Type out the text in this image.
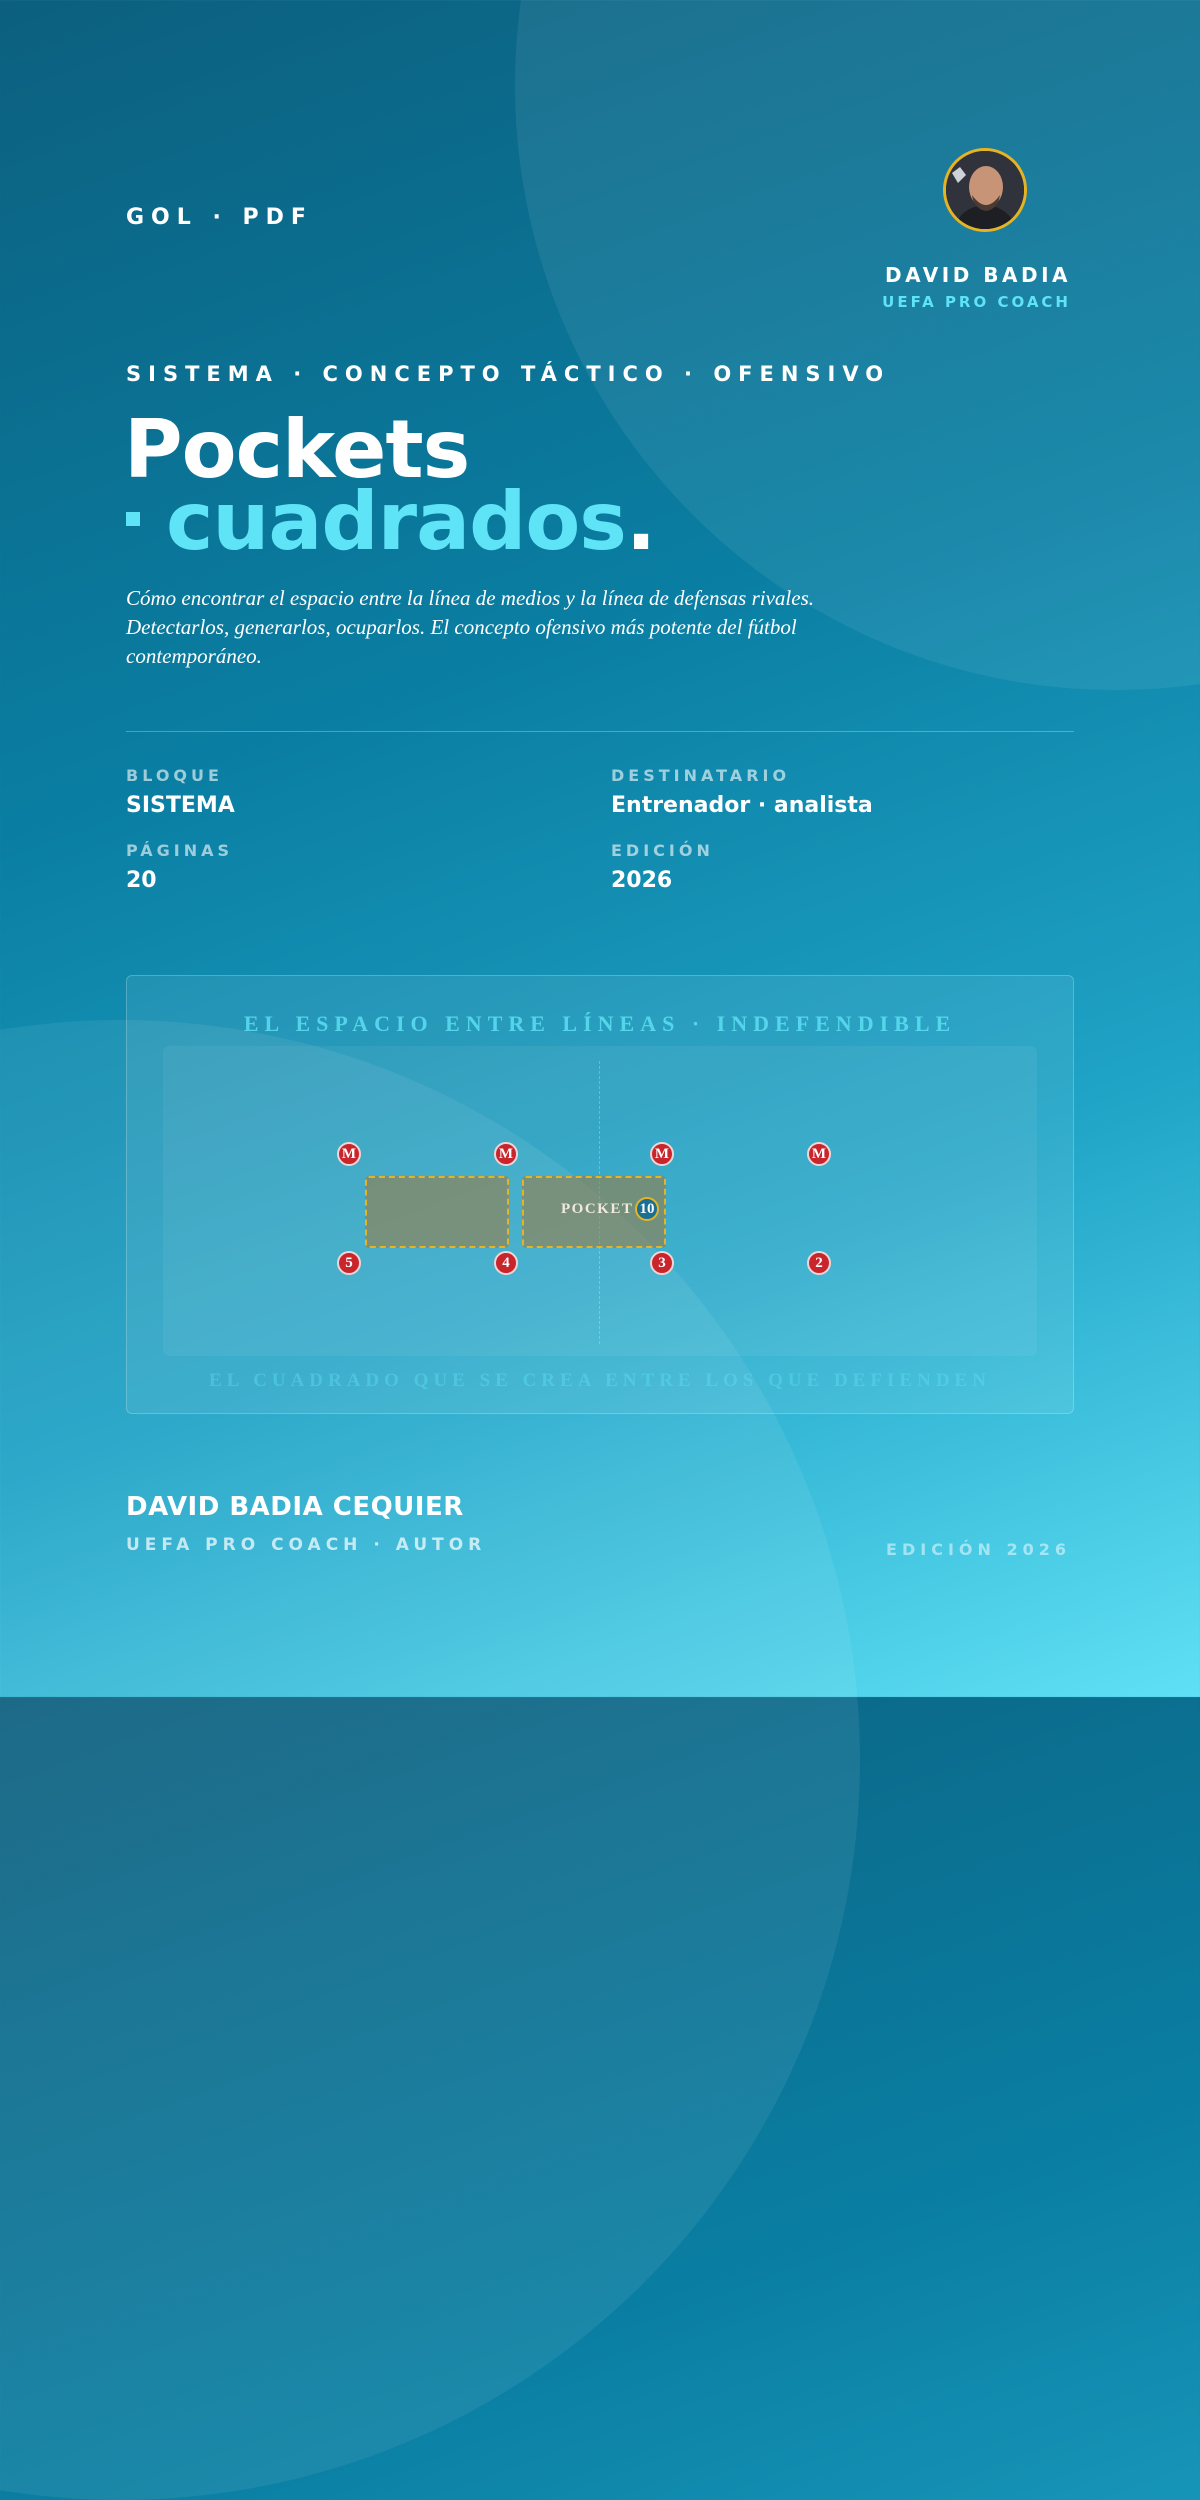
GOL · PDF
DAVID BADIA
UEFA PRO COACH
SISTEMA · CONCEPTO TÁCTICO · OFENSIVO
Pockets
cuadrados.
Cómo encontrar el espacio entre la línea de medios y la línea de defensas rivales. Detectarlos, generarlos, ocuparlos. El concepto ofensivo más potente del fútbol contemporáneo.
BLOQUE
SISTEMA
DESTINATARIO
Entrenador · analista
PÁGINAS
20
EDICIÓN
2026
EL ESPACIO ENTRE LÍNEAS · INDEFENDIBLE
POCKET
M	M	M	M
5	4	3	2
10
EL CUADRADO QUE SE CREA ENTRE LOS QUE DEFIENDEN
DAVID BADIA CEQUIER
UEFA PRO COACH · AUTOR	EDICIÓN 2026
